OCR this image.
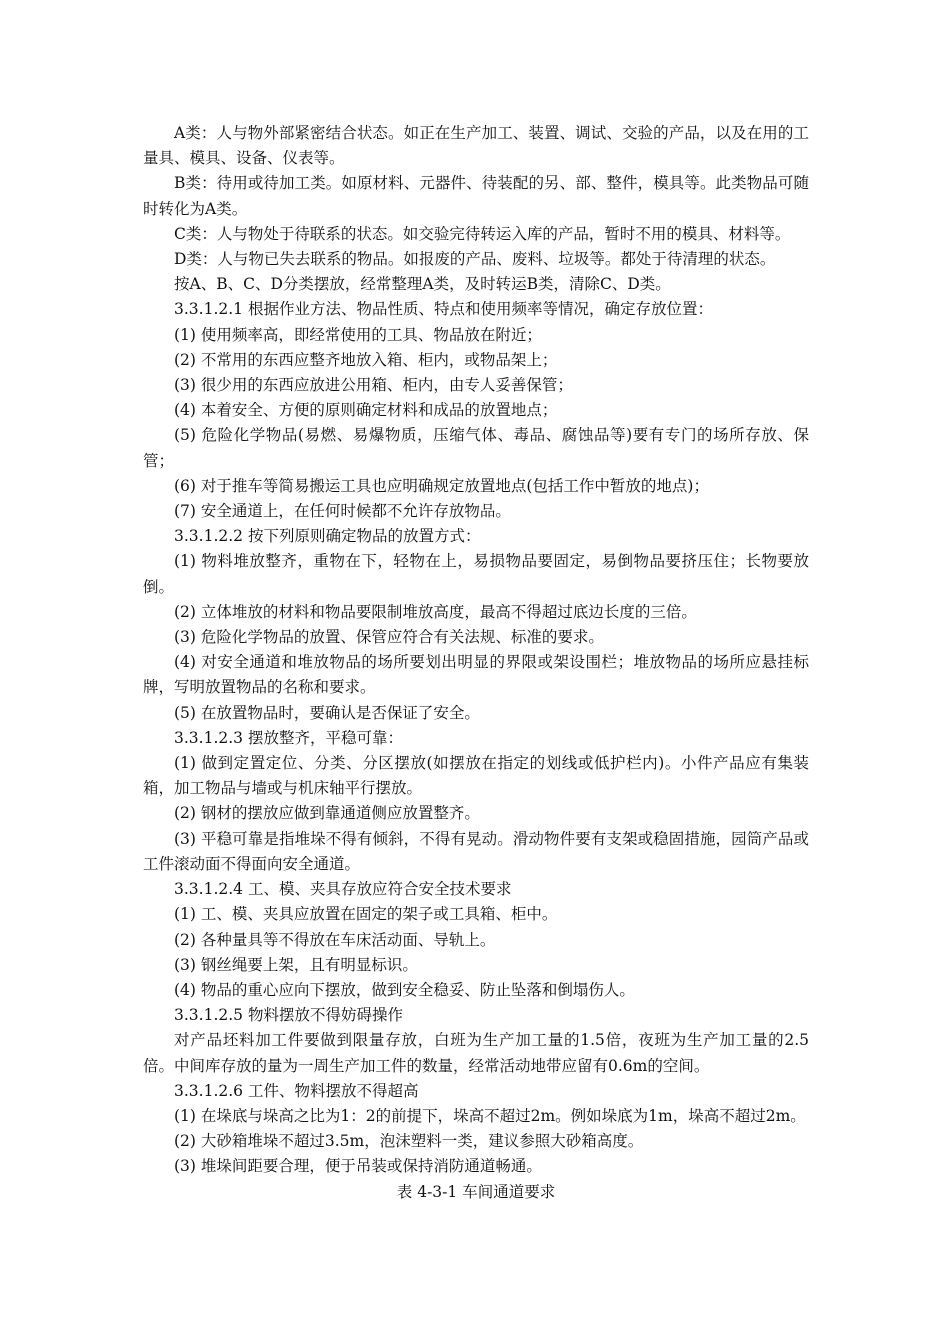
A类：人与物外部紧密结合状态。如正在生产加工、装置、调试、交验的产品，以及在用的工量具、模具、设备、仪表等。

B类：待用或待加工类。如原材料、元器件、待装配的另、部、整件，模具等。此类物品可随时转化为A类。

C类：人与物处于待联系的状态。如交验完待转运入库的产品，暂时不用的模具、材料等。

D类：人与物已失去联系的物品。如报废的产品、废料、垃圾等。都处于待清理的状态。

按A、B、C、D分类摆放，经常整理A类，及时转运B类，清除C、D类。

3.3.1.2.1 根据作业方法、物品性质、特点和使用频率等情况，确定存放位置：

(1) 使用频率高，即经常使用的工具、物品放在附近；

(2) 不常用的东西应整齐地放入箱、柜内，或物品架上；

(3) 很少用的东西应放进公用箱、柜内，由专人妥善保管；

(4) 本着安全、方便的原则确定材料和成品的放置地点；

(5) 危险化学物品(易燃、易爆物质，压缩气体、毒品、腐蚀品等)要有专门的场所存放、保管；

(6) 对于推车等简易搬运工具也应明确规定放置地点(包括工作中暂放的地点)；

(7) 安全通道上，在任何时候都不允许存放物品。

3.3.1.2.2 按下列原则确定物品的放置方式：

(1) 物料堆放整齐，重物在下，轻物在上，易损物品要固定，易倒物品要挤压住；长物要放倒。

(2) 立体堆放的材料和物品要限制堆放高度，最高不得超过底边长度的三倍。

(3) 危险化学物品的放置、保管应符合有关法规、标准的要求。

(4) 对安全通道和堆放物品的场所要划出明显的界限或架设围栏；堆放物品的场所应悬挂标牌，写明放置物品的名称和要求。

(5) 在放置物品时，要确认是否保证了安全。

3.3.1.2.3 摆放整齐，平稳可靠：

(1) 做到定置定位、分类、分区摆放(如摆放在指定的划线或低护栏内)。小件产品应有集装箱，加工物品与墙或与机床轴平行摆放。

(2) 钢材的摆放应做到靠通道侧应放置整齐。

(3) 平稳可靠是指堆垛不得有倾斜，不得有晃动。滑动物件要有支架或稳固措施，园筒产品或工件滚动面不得面向安全通道。

3.3.1.2.4 工、模、夹具存放应符合安全技术要求

(1) 工、模、夹具应放置在固定的架子或工具箱、柜中。

(2) 各种量具等不得放在车床活动面、导轨上。

(3) 钢丝绳要上架，且有明显标识。

(4) 物品的重心应向下摆放，做到安全稳妥、防止坠落和倒塌伤人。

3.3.1.2.5 物料摆放不得妨碍操作

对产品坯料加工件要做到限量存放，白班为生产加工量的1.5倍，夜班为生产加工量的2.5倍。中间库存放的量为一周生产加工件的数量，经常活动地带应留有0.6m的空间。

3.3.1.2.6 工件、物料摆放不得超高

(1) 在垛底与垛高之比为1：2的前提下，垛高不超过2m。例如垛底为1m，垛高不超过2m。

(2) 大砂箱堆垛不超过3.5m，泡沫塑料一类，建议参照大砂箱高度。

(3) 堆垛间距要合理，便于吊装或保持消防通道畅通。

表 4-3-1 车间通道要求
